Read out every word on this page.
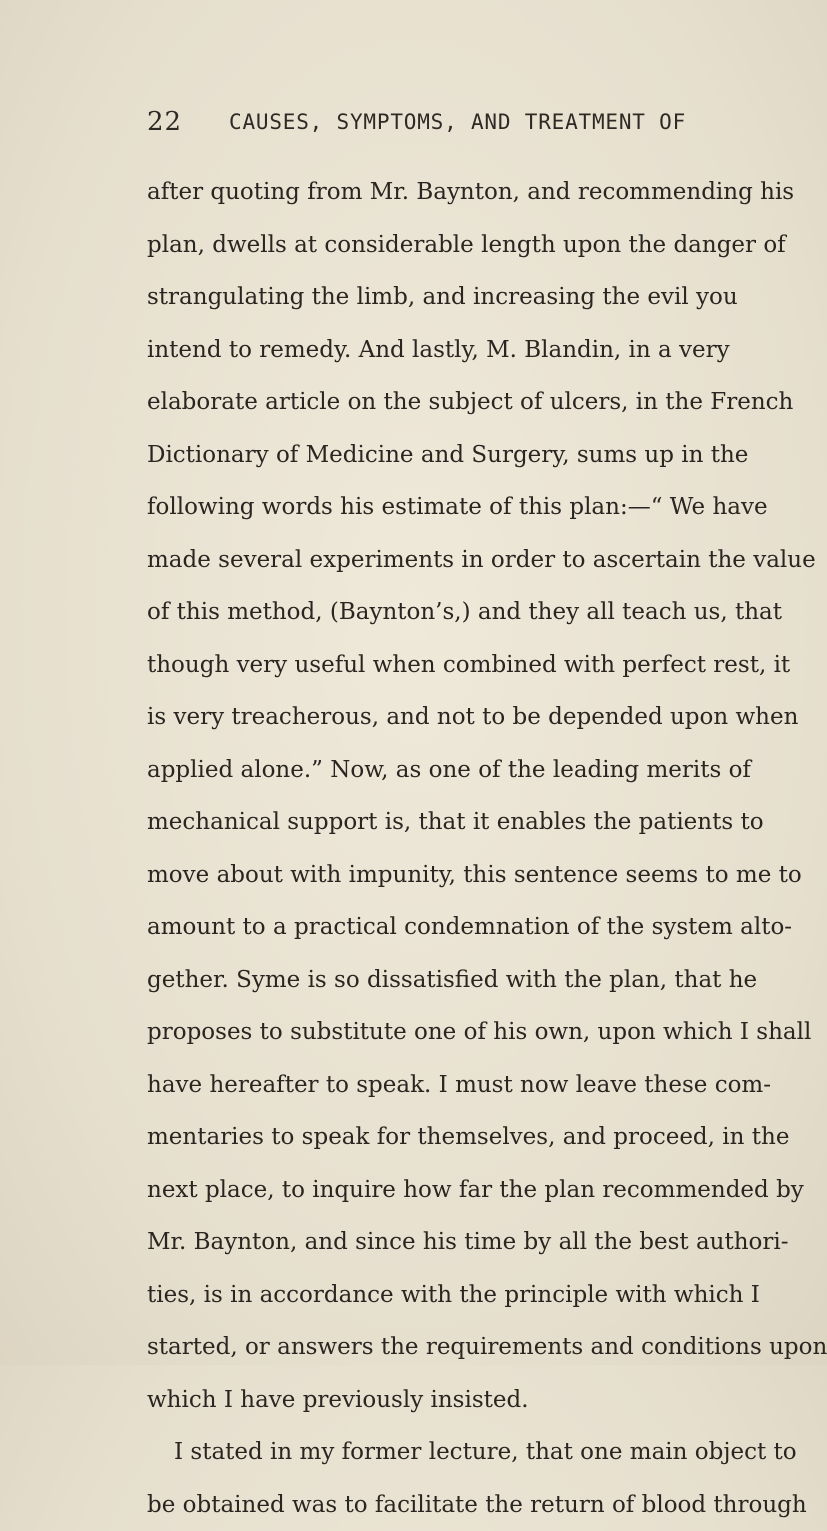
22 CAUSES, SYMPTOMS, AND TREATMENT OF
after quoting from Mr. Baynton, and recommending his
plan, dwells at considerable length upon the danger of
strangulating the limb, and increasing the evil you
intend to remedy. And lastly, M. Blandin, in a very
elaborate article on the subject of ulcers, in the French
Dictionary of Medicine and Surgery, sums up in the
following words his estimate of this plan:—“ We have
made several experiments in order to ascertain the value
of this method, (Baynton’s,) and they all teach us, that
though very useful when combined with perfect rest, it
is very treacherous, and not to be depended upon when
applied alone.” Now, as one of the leading merits of
mechanical support is, that it enables the patients to
move about with impunity, this sentence seems to me to
amount to a practical condemnation of the system alto-
gether. Syme is so dissatisfied with the plan, that he
proposes to substitute one of his own, upon which I shall
have hereafter to speak. I must now leave these com-
mentaries to speak for themselves, and proceed, in the
next place, to inquire how far the plan recommended by
Mr. Baynton, and since his time by all the best authori-
ties, is in accordance with the principle with which I
started, or answers the requirements and conditions upon
which I have previously insisted.
I stated in my former lecture, that one main object to
be obtained was to facilitate the return of blood through
